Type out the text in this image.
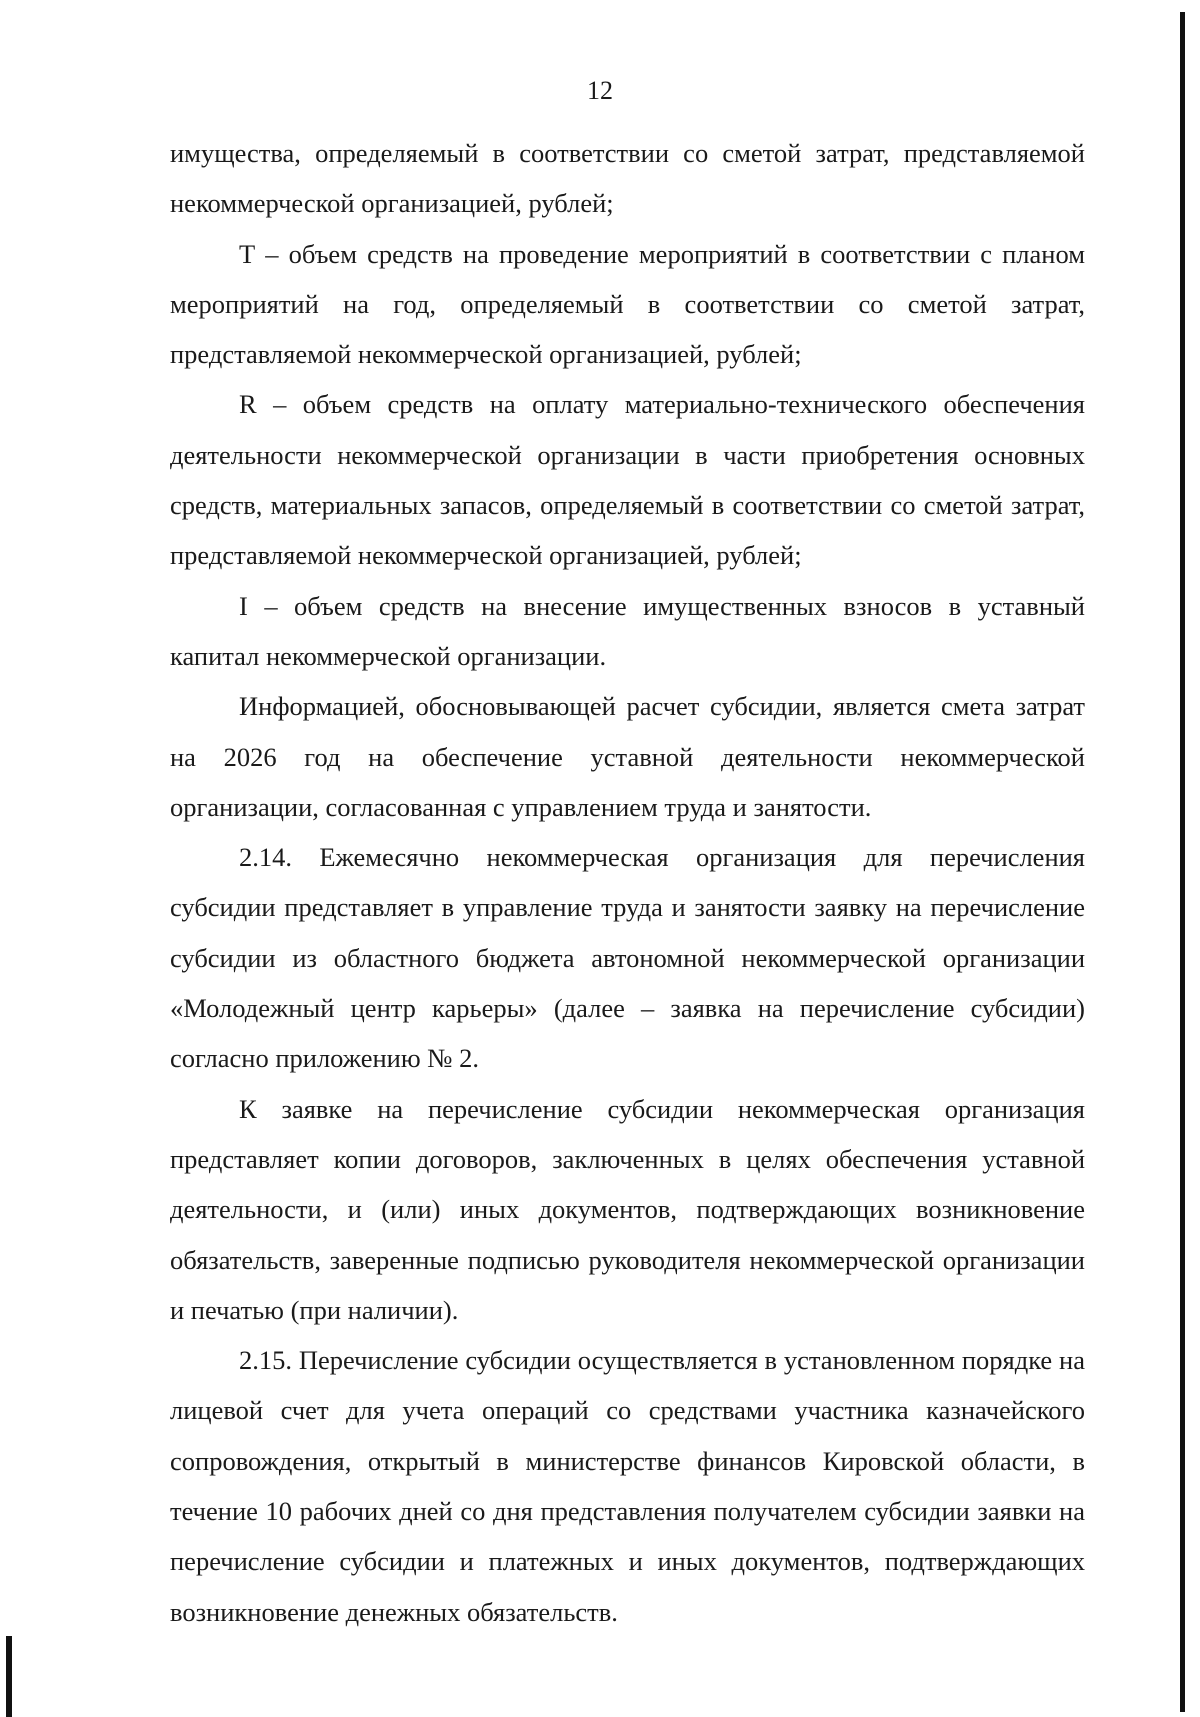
12

имущества, определяемый в соответствии со сметой затрат, представляемой некоммерческой организацией, рублей;

Т – объем средств на проведение мероприятий в соответствии с планом мероприятий на год, определяемый в соответствии со сметой затрат, представляемой некоммерческой организацией, рублей;

R – объем средств на оплату материально-технического обеспечения деятельности некоммерческой организации в части приобретения основных средств, материальных запасов, определяемый в соответствии со сметой затрат, представляемой некоммерческой организацией, рублей;

I – объем средств на внесение имущественных взносов в уставный капитал некоммерческой организации.

Информацией, обосновывающей расчет субсидии, является смета затрат на 2026 год на обеспечение уставной деятельности некоммерческой организации, согласованная с управлением труда и занятости.

2.14. Ежемесячно некоммерческая организация для перечисления субсидии представляет в управление труда и занятости заявку на перечисление субсидии из областного бюджета автономной некоммерческой организации «Молодежный центр карьеры» (далее – заявка на перечисление субсидии) согласно приложению № 2.

К заявке на перечисление субсидии некоммерческая организация представляет копии договоров, заключенных в целях обеспечения уставной деятельности, и (или) иных документов, подтверждающих возникновение обязательств, заверенные подписью руководителя некоммерческой организации и печатью (при наличии).

2.15. Перечисление субсидии осуществляется в установленном порядке на лицевой счет для учета операций со средствами участника казначейского сопровождения, открытый в министерстве финансов Кировской области, в течение 10 рабочих дней со дня представления получателем субсидии заявки на перечисление субсидии и платежных и иных документов, подтверждающих возникновение денежных обязательств.
